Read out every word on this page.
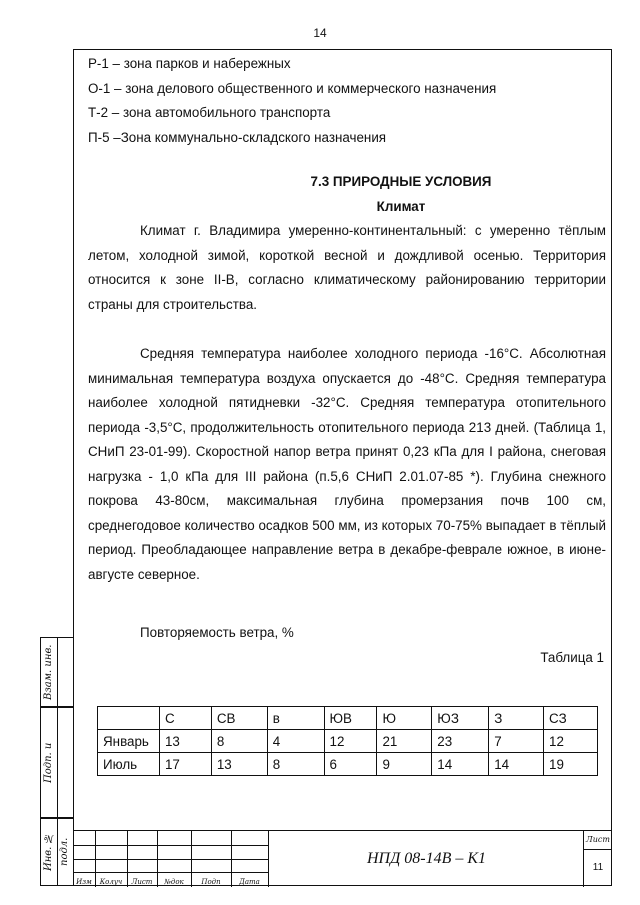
14

Р-1 – зона парков и набережных

О-1 – зона делового общественного и коммерческого назначения

Т-2 – зона автомобильного транспорта

П-5 –Зона коммунально-складского назначения

7.3 ПРИРОДНЫЕ УСЛОВИЯ
Климат

Климат г. Владимира умеренно-континентальный: с умеренно тёплым летом, холодной зимой, короткой весной и дождливой осенью. Территория относится к зоне II-В, согласно климатическому районированию территории страны для строительства.

Средняя температура наиболее холодного периода -16°С. Абсолютная минимальная температура воздуха опускается до -48°С. Средняя температура наиболее холодной пятидневки -32°С. Средняя температура отопительного периода -3,5°С, продолжительность отопительного периода 213 дней. (Таблица 1, СНиП 23-01-99). Скоростной напор ветра принят 0,23 кПа для I района, снеговая нагрузка - 1,0 кПа для III района (п.5,6 СНиП 2.01.07-85 *). Глубина снежного покрова 43-80см, максимальная глубина промерзания почв 100 см, среднегодовое количество осадков 500 мм, из которых 70-75% выпадает в тёплый период. Преобладающее направление ветра в декабре-феврале южное, в июне-августе северное.

Повторяемость ветра, %

Таблица 1

	С	СВ	в	ЮВ	Ю	ЮЗ	З	СЗ
Январь	13	8	4	12	21	23	7	12
Июль	17	13	8	6	9	14	14	19
Взам. инв.
Подп. и
Инв. № подл.
Изм	Колуч	Лист	№док	Подп	Дата
НПД 08-14В – К1
Лист
11
